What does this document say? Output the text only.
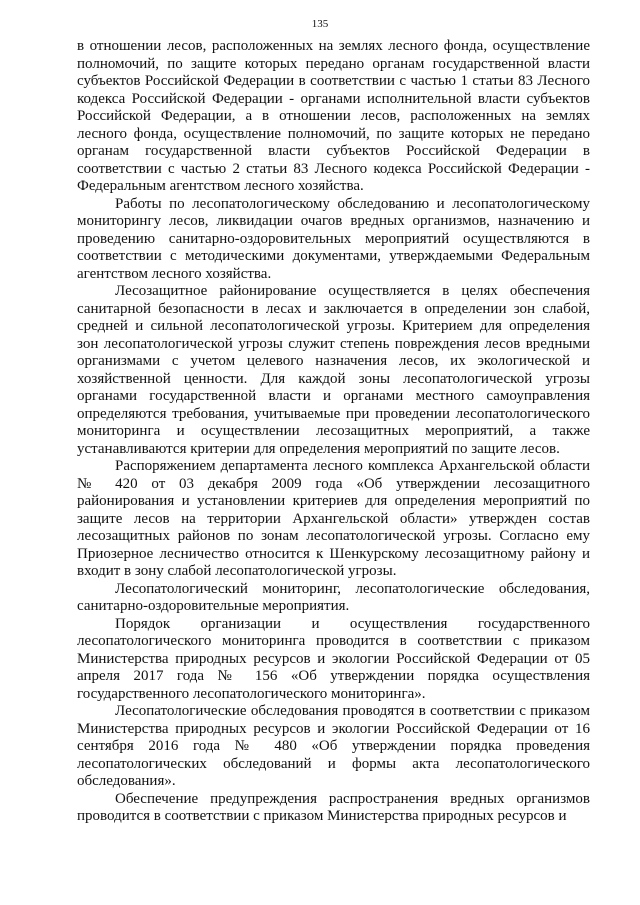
135

в отношении лесов, расположенных на землях лесного фонда, осуществление полномочий, по защите которых передано органам государственной власти субъектов Российской Федерации в соответствии с частью 1 статьи 83 Лесного кодекса Российской Федерации - органами исполнительной власти субъектов Российской Федерации, а в отношении лесов, расположенных на землях лесного фонда, осуществление полномочий, по защите которых не передано органам государственной власти субъектов Российской Федерации в соответствии с частью 2 статьи 83 Лесного кодекса Российской Федерации - Федеральным агентством лесного хозяйства.

Работы по лесопатологическому обследованию и лесопатологическому мониторингу лесов, ликвидации очагов вредных организмов, назначению и проведению санитарно-оздоровительных мероприятий осуществляются в соответствии с методическими документами, утверждаемыми Федеральным агентством лесного хозяйства.

Лесозащитное районирование осуществляется в целях обеспечения санитарной безопасности в лесах и заключается в определении зон слабой, средней и сильной лесопатологической угрозы. Критерием для определения зон лесопатологической угрозы служит степень повреждения лесов вредными организмами с учетом целевого назначения лесов, их экологической и хозяйственной ценности. Для каждой зоны лесопатологической угрозы органами государственной власти и органами местного самоуправления определяются требования, учитываемые при проведении лесопатологического мониторинга и осуществлении лесозащитных мероприятий, а также устанавливаются критерии для определения мероприятий по защите лесов.

Распоряжением департамента лесного комплекса Архангельской области № 420 от 03 декабря 2009 года «Об утверждении лесозащитного районирования и установлении критериев для определения мероприятий по защите лесов на территории Архангельской области» утвержден состав лесозащитных районов по зонам лесопатологической угрозы. Согласно ему Приозерное лесничество относится к Шенкурскому лесозащитному району и входит в зону слабой лесопатологической угрозы.

Лесопатологический мониторинг, лесопатологические обследования, санитарно-оздоровительные мероприятия.

Порядок организации и осуществления государственного лесопатологического мониторинга проводится в соответствии с приказом Министерства природных ресурсов и экологии Российской Федерации от 05 апреля 2017 года № 156 «Об утверждении порядка осуществления государственного лесопатологического мониторинга».

Лесопатологические обследования проводятся в соответствии с приказом Министерства природных ресурсов и экологии Российской Федерации от 16 сентября 2016 года № 480 «Об утверждении порядка проведения лесопатологических обследований и формы акта лесопатологического обследования».

Обеспечение предупреждения распространения вредных организмов проводится в соответствии с приказом Министерства природных ресурсов и
